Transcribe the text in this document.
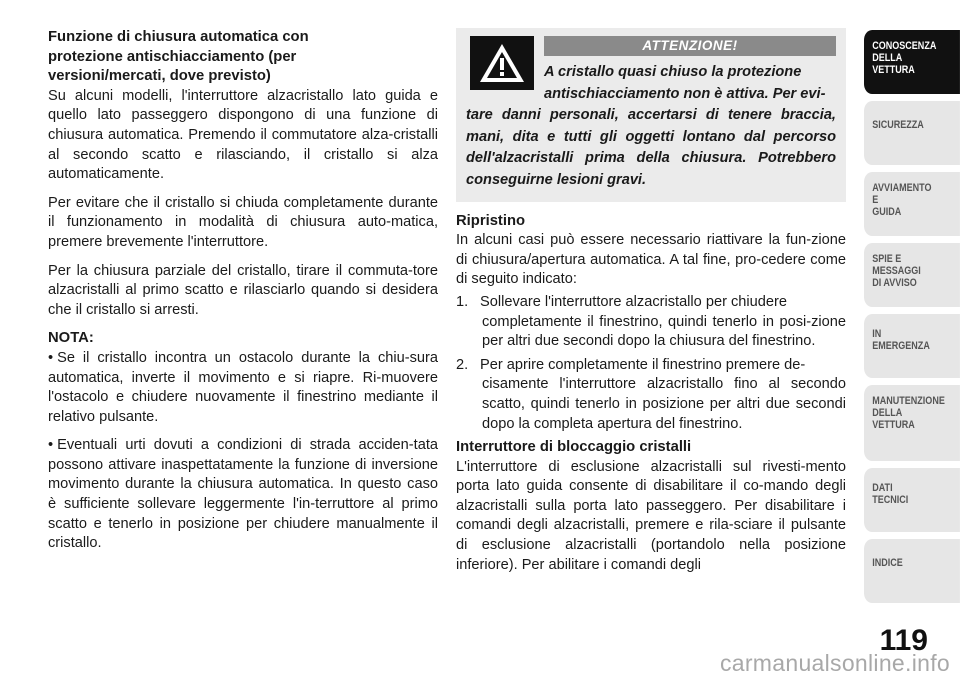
Funzione di chiusura automatica con
protezione antischiacciamento (per
versioni/mercati, dove previsto)

Su alcuni modelli, l'interruttore alzacristallo lato guida e quello lato passeggero dispongono di una funzione di chiusura automatica. Premendo il commutatore alza-cristalli al secondo scatto e rilasciando, il cristallo si alza automaticamente.

Per evitare che il cristallo si chiuda completamente durante il funzionamento in modalità di chiusura auto-matica, premere brevemente l'interruttore.

Per la chiusura parziale del cristallo, tirare il commuta-tore alzacristalli al primo scatto e rilasciarlo quando si desidera che il cristallo si arresti.

NOTA:

• Se il cristallo incontra un ostacolo durante la chiu-sura automatica, inverte il movimento e si riapre. Ri-muovere l'ostacolo e chiudere nuovamente il finestrino mediante il relativo pulsante.

• Eventuali urti dovuti a condizioni di strada acciden-tata possono attivare inaspettatamente la funzione di inversione movimento durante la chiusura automatica. In questo caso è sufficiente sollevare leggermente l'in-terruttore al primo scatto e tenerlo in posizione per chiudere manualmente il cristallo.

ATTENZIONE!
A cristallo quasi chiuso la protezione
antischiacciamento non è attiva. Per evi-
tare danni personali, accertarsi di tenere braccia, mani, dita e tutti gli oggetti lontano dal percorso dell'alzacristalli prima della chiusura. Potrebbero conseguirne lesioni gravi.
Ripristino

In alcuni casi può essere necessario riattivare la fun-zione di chiusura/apertura automatica. A tal fine, pro-cedere come di seguito indicato:

1. Sollevare l'interruttore alzacristallo per chiudere
completamente il finestrino, quindi tenerlo in posi-zione per altri due secondi dopo la chiusura del finestrino.
2. Per aprire completamente il finestrino premere de-
cisamente l'interruttore alzacristallo fino al secondo scatto, quindi tenerlo in posizione per altri due secondi dopo la completa apertura del finestrino.
Interruttore di bloccaggio cristalli

L'interruttore di esclusione alzacristalli sul rivesti-mento porta lato guida consente di disabilitare il co-mando degli alzacristalli sulla porta lato passeggero. Per disabilitare i comandi degli alzacristalli, premere e rila-sciare il pulsante di esclusione alzacristalli (portandolo nella posizione inferiore). Per abilitare i comandi degli

CONOSCENZA
DELLA
VETTURA
SICUREZZA
AVVIAMENTO
E
GUIDA
SPIE E
MESSAGGI
DI AVVISO
IN
EMERGENZA
MANUTENZIONE
DELLA
VETTURA
DATI
TECNICI
INDICE
119
carmanualsonline.info
